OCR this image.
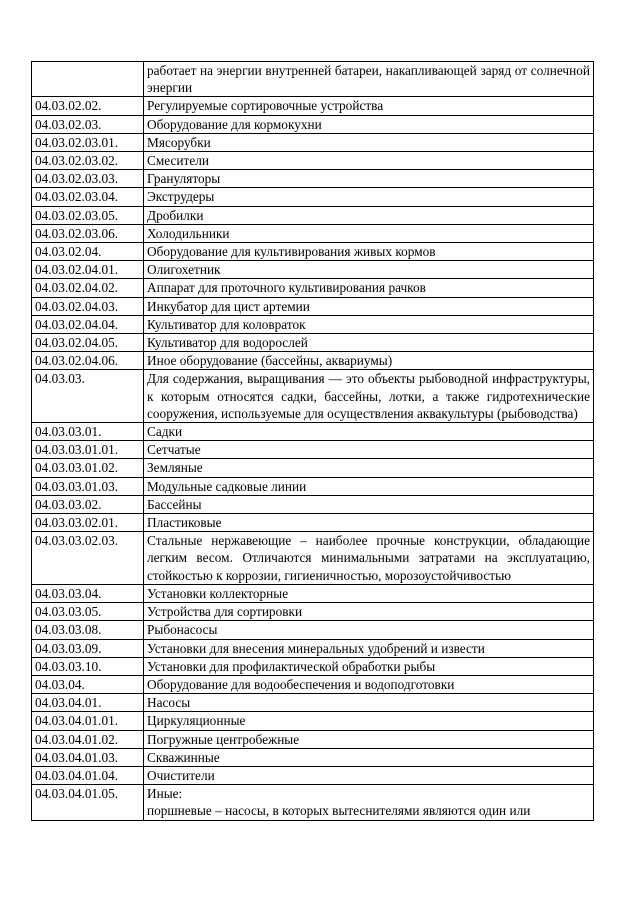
	работает на энергии внутренней батареи, накапливающей заряд от солнечной энергии

04.03.02.02.	Регулируемые сортировочные устройства

04.03.02.03.	Оборудование для кормокухни

04.03.02.03.01.	Мясорубки

04.03.02.03.02.	Смесители

04.03.02.03.03.	Грануляторы

04.03.02.03.04.	Экструдеры

04.03.02.03.05.	Дробилки

04.03.02.03.06.	Холодильники

04.03.02.04.	Оборудование для культивирования живых кормов

04.03.02.04.01.	Олигохетник

04.03.02.04.02.	Аппарат для проточного культивирования рачков

04.03.02.04.03.	Инкубатор для цист артемии

04.03.02.04.04.	Культиватор для коловраток

04.03.02.04.05.	Культиватор для водорослей

04.03.02.04.06.	Иное оборудование (бассейны, аквариумы)

04.03.03.	Для содержания, выращивания — это объекты рыбоводной инфраструктуры, к которым относятся садки, бассейны, лотки, а также гидротехнические сооружения, используемые для осуществления аквакультуры (рыбоводства)

04.03.03.01.	Садки

04.03.03.01.01.	Сетчатые

04.03.03.01.02.	Земляные

04.03.03.01.03.	Модульные садковые линии

04.03.03.02.	Бассейны

04.03.03.02.01.	Пластиковые

04.03.03.02.03.	Стальные нержавеющие – наиболее прочные конструкции, обладающие легким весом. Отличаются минимальными затратами на эксплуатацию, стойкостью к коррозии, гигиеничностью, морозоустойчивостью

04.03.03.04.	Установки коллекторные

04.03.03.05.	Устройства для сортировки

04.03.03.08.	Рыбонасосы

04.03.03.09.	Установки для внесения минеральных удобрений и извести

04.03.03.10.	Установки для профилактической обработки рыбы

04.03.04.	Оборудование для водообеспечения и водоподготовки

04.03.04.01.	Насосы

04.03.04.01.01.	Циркуляционные

04.03.04.01.02.	Погружные центробежные

04.03.04.01.03.	Скважинные

04.03.04.01.04.	Очистители

04.03.04.01.05.	Иные:
поршневые – насосы, в которых вытеснителями являются один или
